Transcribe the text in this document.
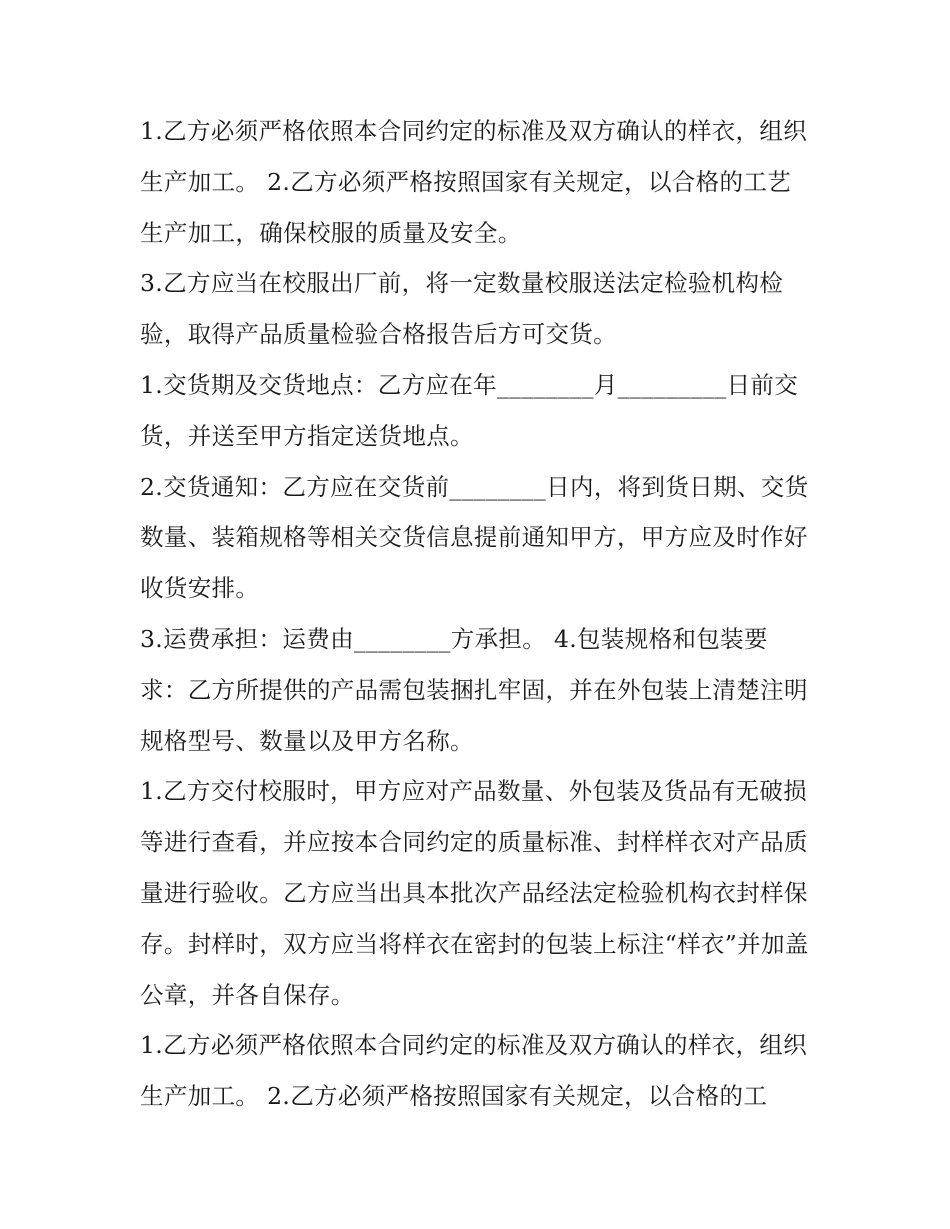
1.乙方必须严格依照本合同约定的标准及双方确认的样衣，组织生产加工。 2.乙方必须严格按照国家有关规定，以合格的工艺生产加工，确保校服的质量及安全。

3.乙方应当在校服出厂前，将一定数量校服送法定检验机构检验，取得产品质量检验合格报告后方可交货。

1.交货期及交货地点：乙方应在年________月_________日前交货，并送至甲方指定送货地点。

2.交货通知：乙方应在交货前________日内，将到货日期、交货数量、装箱规格等相关交货信息提前通知甲方，甲方应及时作好收货安排。

3.运费承担：运费由________方承担。 4.包装规格和包装要求：乙方所提供的产品需包装捆扎牢固，并在外包装上清楚注明规格型号、数量以及甲方名称。

1.乙方交付校服时，甲方应对产品数量、外包装及货品有无破损等进行查看，并应按本合同约定的质量标准、封样样衣对产品质量进行验收。乙方应当出具本批次产品经法定检验机构衣封样保存。封样时，双方应当将样衣在密封的包装上标注“样衣”并加盖公章，并各自保存。

1.乙方必须严格依照本合同约定的标准及双方确认的样衣，组织生产加工。 2.乙方必须严格按照国家有关规定，以合格的工
